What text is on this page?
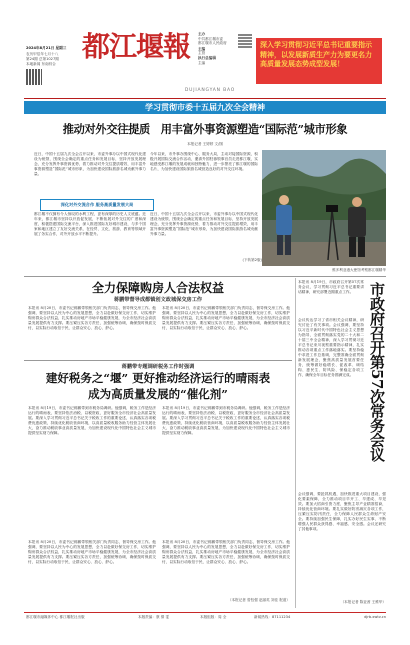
2024年8月21日 星期三
农历甲辰年七月十八
第24期 总第1027期
本地新闻 东南综合
都江堰報
DUJIANGYAN BAO
主办
中共都江堰市委
都江堰市人民政府
主编
主管
执行总编辑
主编
深入学习贯彻习近平总书记重要指示精神，以发展新质生产力为要更名力高质量发展态势成型发展！
学习贯彻市委十五届九次全会精神
推动对外交往提质　用丰富外事资源塑造“国际范”城市形象
本报记者 王婷婷 文/图
近日，中国十五届九次全会召开以来，市委外事办以中国式现代化建设为统领，围绕全会确定的重点任务和发展目标，坚持开放发展理念，充分发挥外事资源优势，着力推动对外交往提质增效，用丰富外事资源塑造“国际范”城市形象，为加快建设国际旅游名城贡献外事力量。
今年以来，市外事办围绕中心、服务大局，主动对接国际资源，积极开展国际交流合作活动，邀请外国驻蓉领事官员走进都江堰，实地感受都江堰的发展成就和独特魅力，进一步擦亮了都江堰的国际名片，为加快建设国际旅游名城营造良好的对外交往环境。
深化对外交流合作 服务高质量发展大局
都江堰不仅拥有令人惊叹的水利工程，更有深厚的历史人文底蕴。近年来，都江堰市坚持以开放促发展，不断拓展对外交往的广度和深度，积极搭建国际交流平台，深入推进国际友好城市建设，与多个国家和地区建立了友好交流关系，在经贸、文化、旅游、教育等领域开展了务实合作，对外开放水平不断提升。
近日，中国十五届九次全会召开以来，市委外事办以中国式现代化建设为统领，围绕全会确定的重点任务和发展目标，坚持开放发展理念，充分发挥外事资源优势，着力推动对外交往提质增效，用丰富外事资源塑造“国际范”城市形象，为加快建设国际旅游名城贡献外事力量。
(下转第2版)
维多利亚港大使馆考察都江堰精华
全力保障购房人合法权益
蒋鹏带督导成都镇创文政城保交房工作
本报讯 8月20日，市委书记蒋鹏带领相关部门负责同志，督导保交房工作。他强调，要坚持以人民为中心的发展思想，全力以赴做好保交房工作，切实维护购房群众合法权益，扎实推动房地产市场平稳健康发展，为全市经济社会高质量发展提供有力支撑。要压紧压实各方责任，加强统筹协调，确保按时保质交付，以实际行动取信于民，让群众安心、放心、舒心。
本报讯 8月20日，市委书记蒋鹏带领相关部门负责同志，督导保交房工作。他强调，要坚持以人民为中心的发展思想，全力以赴做好保交房工作，切实维护购房群众合法权益，扎实推动房地产市场平稳健康发展，为全市经济社会高质量发展提供有力支撑。要压紧压实各方责任，加强统筹协调，确保按时保质交付，以实际行动取信于民，让群众安心、放心、舒心。
蒋鹏带专题调研税务工作时强调
建好税务之“堰” 更好推动经济运行的晴雨表
成为高质量发展的“催化剂”
本报讯 8月19日，市委书记蒋鹏带到市税务局调研。他强调，税务工作是经济运行的晴雨表，要坚持依法治税、以税资政，更好服务全市经济社会高质量发展。要深入学习贯彻习近平总书记关于税收工作的重要论述，认真落实各项税费优惠政策，持续优化税收营商环境，以高质量税收服务助力经营主体发展壮大，奋力推动税收事业高质量发展，为加快建设现代化中国特色社会主义城市提供坚实财力保障。
本报讯 8月19日，市委书记蒋鹏带到市税务局调研。他强调，税务工作是经济运行的晴雨表，要坚持依法治税、以税资政，更好服务全市经济社会高质量发展。要深入学习贯彻习近平总书记关于税收工作的重要论述，认真落实各项税费优惠政策，持续优化税收营商环境，以高质量税收服务助力经营主体发展壮大，奋力推动税收事业高质量发展，为加快建设现代化中国特色社会主义城市提供坚实财力保障。
本报讯 8月20日，市委书记蒋鹏带领相关部门负责同志，督导保交房工作。他强调，要坚持以人民为中心的发展思想，全力以赴做好保交房工作，切实维护购房群众合法权益，扎实推动房地产市场平稳健康发展，为全市经济社会高质量发展提供有力支撑。要压紧压实各方责任，加强统筹协调，确保按时保质交付，以实际行动取信于民，让群众安心、放心、舒心。
本报讯 8月20日，市委书记蒋鹏带领相关部门负责同志，督导保交房工作。他强调，要坚持以人民为中心的发展思想，全力以赴做好保交房工作，切实维护购房群众合法权益，扎实推动房地产市场平稳健康发展，为全市经济社会高质量发展提供有力支撑。要压紧压实各方责任，加强统筹协调，确保按时保质交付，以实际行动取信于民，让群众安心、放心、舒心。
（本报记者 曾钰强 赵丽英 刘佳 报道）
本报讯 8月19日，市政府召开第57次常务会议，学习贯彻习近平总书记重要讲话精神，研究部署近期重点工作。 市政府召开第57次常务会议
会议传达学习了省市相关会议精神，研究讨论了有关事项。会议强调，要坚持以习近平新时代中国特色社会主义思想为指导，全面贯彻落实党的二十大和二十届三中全会精神，深入学习贯彻习近平总书记来川视察重要指示精神，扎实推动各项重点工作落地落实。要坚持稳中求进工作总基调，完整准确全面贯彻新发展理念，聚焦高质量发展首要任务，统筹做好稳增长、促改革、调结构、惠民生、防风险、保稳定各项工作，确保全年目标任务圆满完成。
会议强调，要抢抓机遇，加快推进重大项目建设，强化要素保障，全力推动项目早开工、早建成、早见效。要加大招商引资力度，聚焦主导产业精准招商，持续优化营商环境。要扎实做好防汛减灾各项工作，压紧压实防汛责任，全力保障人民群众生命财产安全。要持续加强民生保障，扎实办好民生实事，不断增强人民群众获得感、幸福感、安全感。会议还研究了其他事项。
（本报记者 陈亚茜 王维华）
都江堰市融媒体中心 都江堰报社出版	本版责编：康 倩 雯	本版组版：周 全	新闻热线：87111234	djrb.xwtv.cn
